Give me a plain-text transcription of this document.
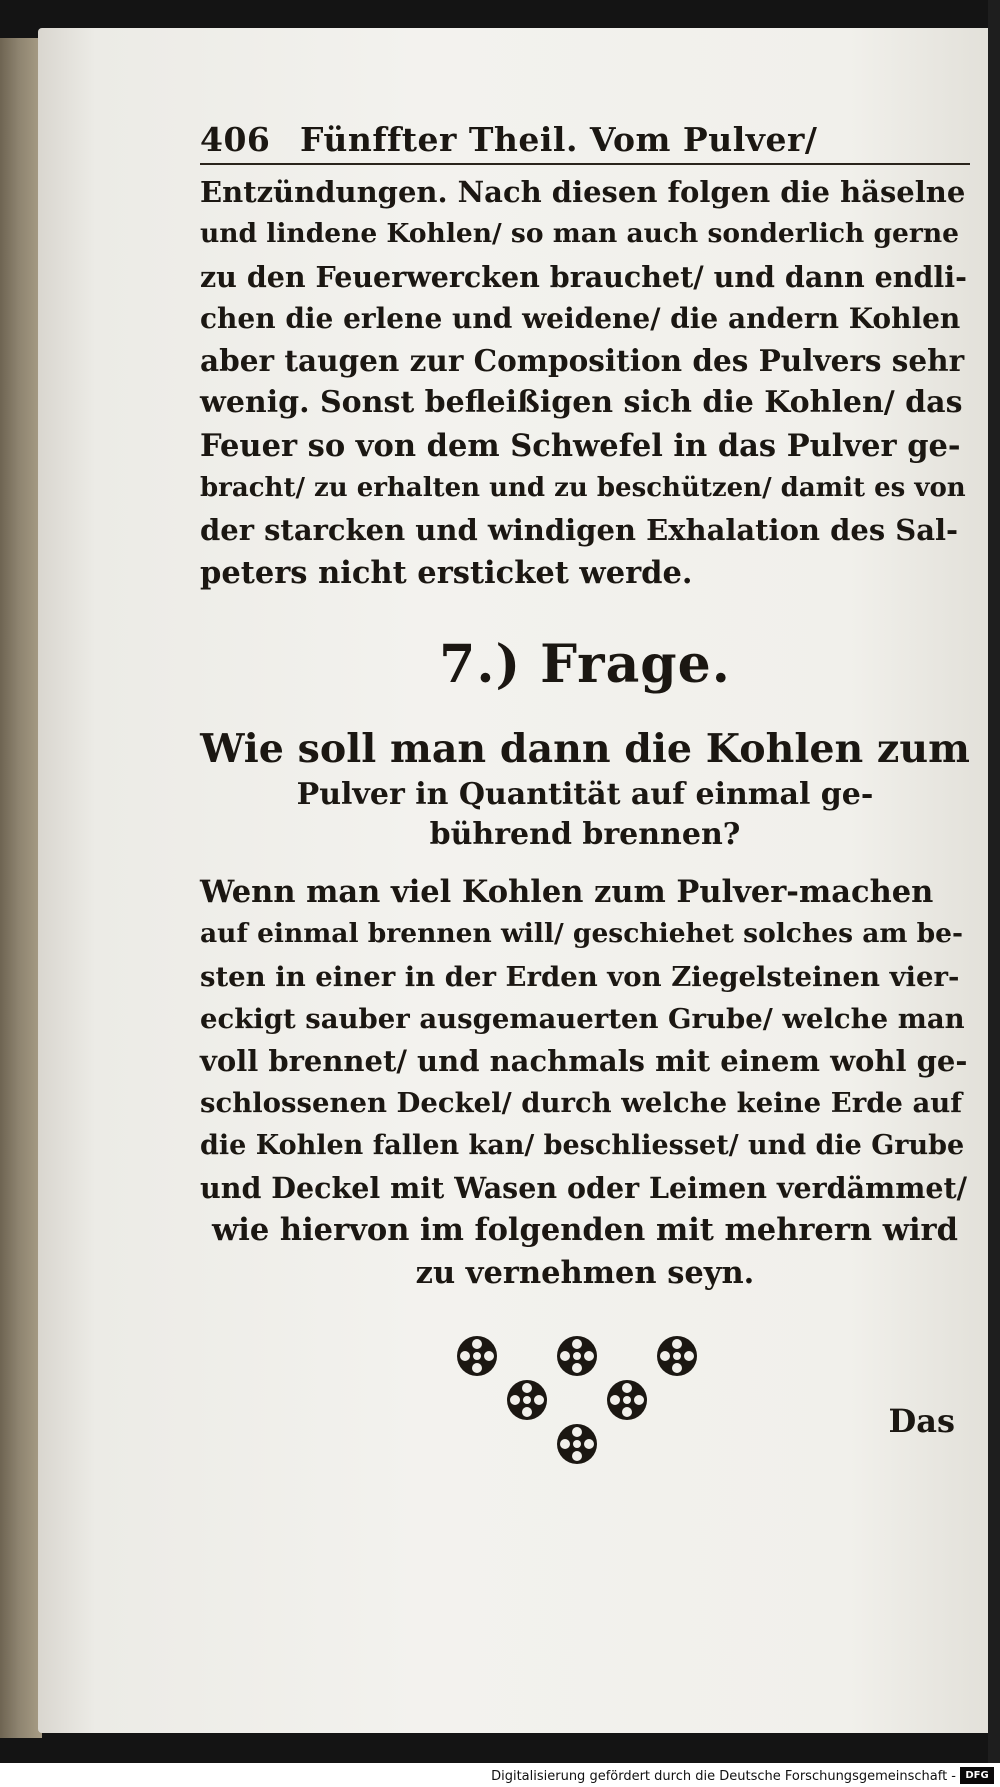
406 Fünffter Theil. Vom Pulver/
Entzündungen. Nach diesen folgen die häselne
und lindene Kohlen/ so man auch sonderlich gerne
zu den Feuerwercken brauchet/ und dann endli-
chen die erlene und weidene/ die andern Kohlen
aber taugen zur Composition des Pulvers sehr
wenig. Sonst befleißigen sich die Kohlen/ das
Feuer so von dem Schwefel in das Pulver ge-
bracht/ zu erhalten und zu beschützen/ damit es von
der starcken und windigen Exhalation des Sal-
peters nicht ersticket werde.
7.) Frage.
Wie soll man dann die Kohlen zum
Pulver in Quantität auf einmal ge-
bührend brennen?
Wenn man viel Kohlen zum Pulver-machen
auf einmal brennen will/ geschiehet solches am be-
sten in einer in der Erden von Ziegelsteinen vier-
eckigt sauber ausgemauerten Grube/ welche man
voll brennet/ und nachmals mit einem wohl ge-
schlossenen Deckel/ durch welche keine Erde auf
die Kohlen fallen kan/ beschliesset/ und die Grube
und Deckel mit Wasen oder Leimen verdämmet/
wie hiervon im folgenden mit mehrern wird
zu vernehmen seyn.
Das
Digitalisierung gefördert durch die Deutsche Forschungsgemeinschaft - DFG
